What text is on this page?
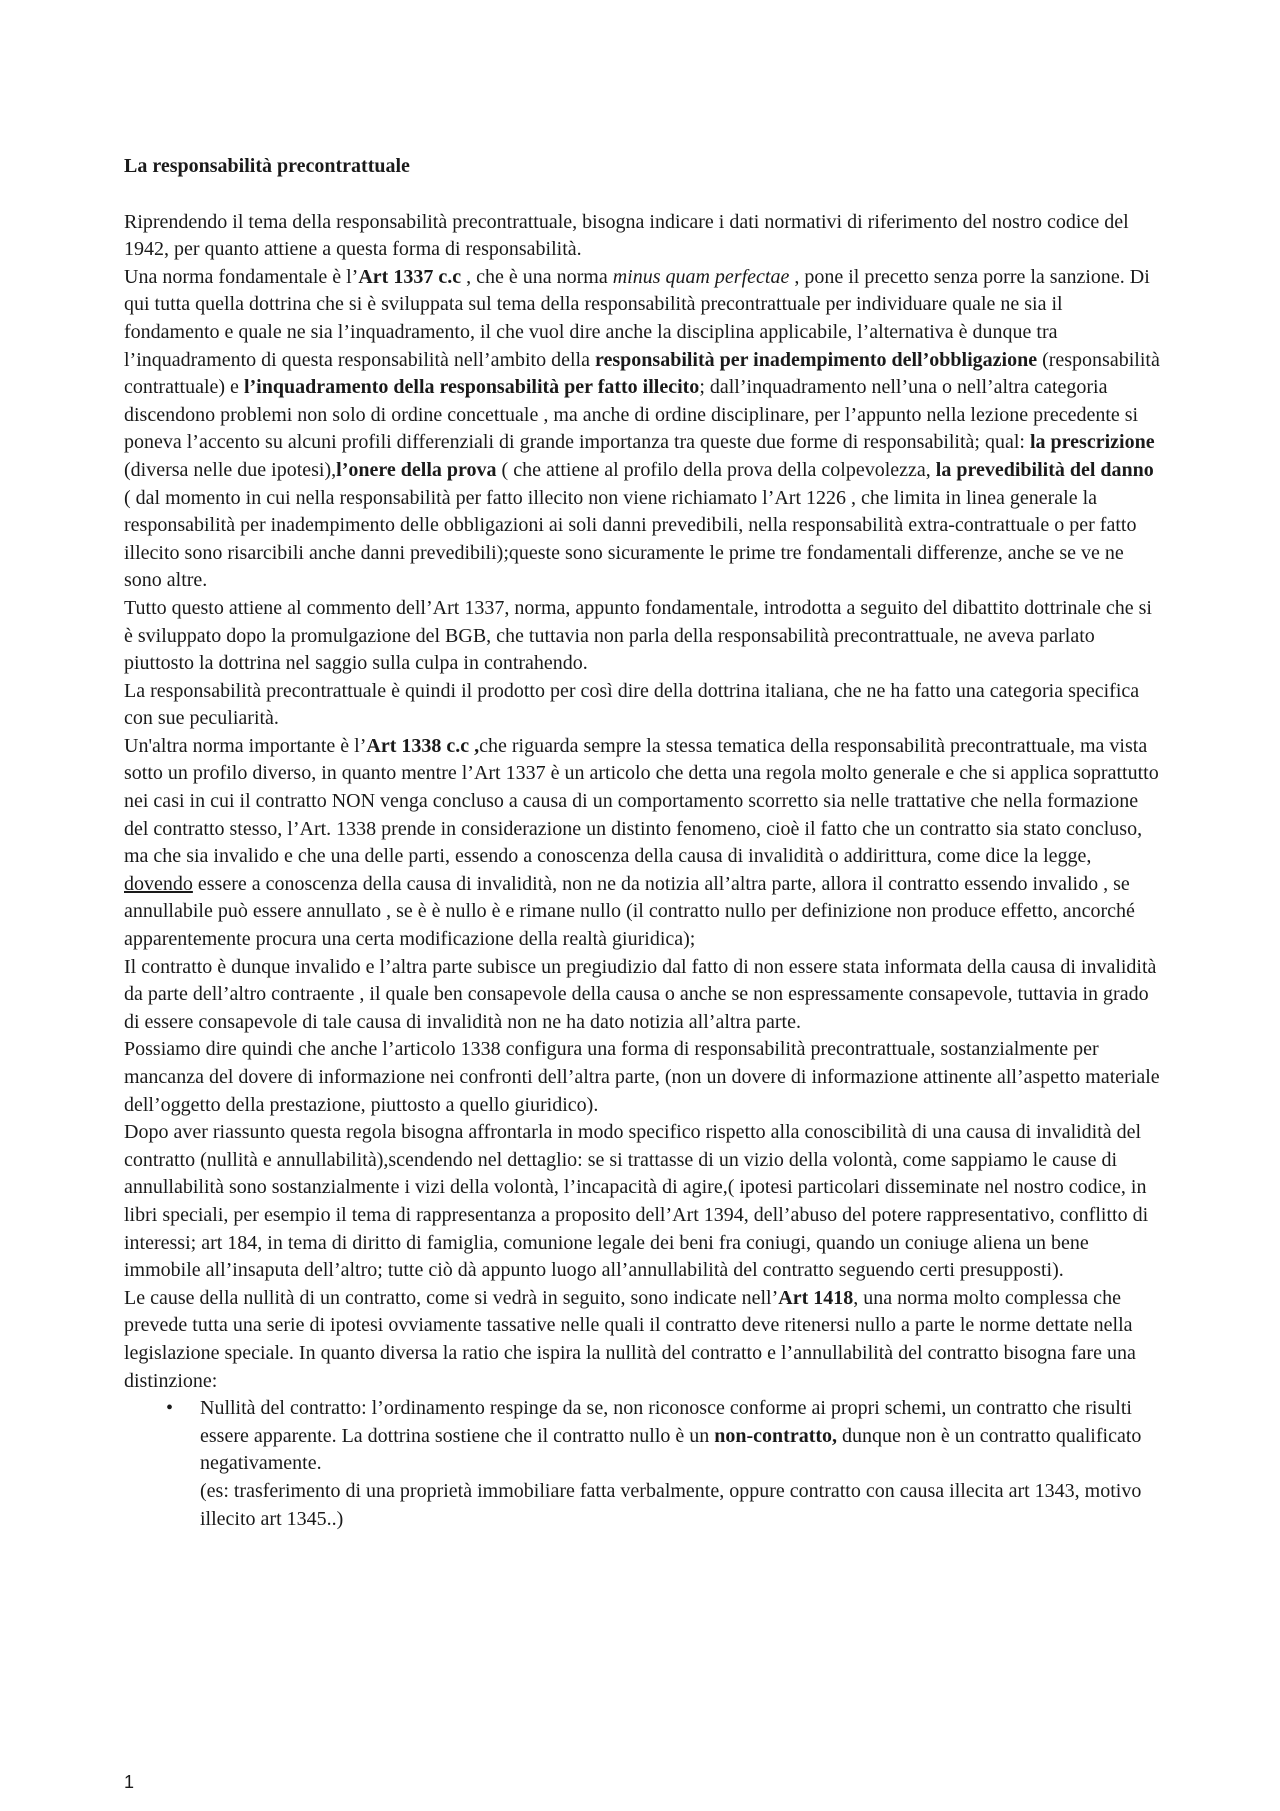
La responsabilità precontrattuale

Riprendendo il tema della responsabilità precontrattuale, bisogna indicare i dati normativi di riferimento del nostro codice del 1942, per quanto attiene a questa forma di responsabilità.

Una norma fondamentale è l’Art 1337 c.c , che è una norma minus quam perfectae , pone il precetto senza porre la sanzione. Di qui tutta quella dottrina che si è sviluppata sul tema della responsabilità precontrattuale per individuare quale ne sia il fondamento e quale ne sia l’inquadramento, il che vuol dire anche la disciplina applicabile, l’alternativa è dunque tra l’inquadramento di questa responsabilità nell’ambito della responsabilità per inadempimento dell’obbligazione (responsabilità contrattuale) e l’inquadramento della responsabilità per fatto illecito; dall’inquadramento nell’una o nell’altra categoria discendono problemi non solo di ordine concettuale , ma anche di ordine disciplinare, per l’appunto nella lezione precedente si poneva l’accento su alcuni profili differenziali di grande importanza tra queste due forme di responsabilità; qual: la prescrizione (diversa nelle due ipotesi),l’onere della prova ( che attiene al profilo della prova della colpevolezza, la prevedibilità del danno ( dal momento in cui nella responsabilità per fatto illecito non viene richiamato l’Art 1226 , che limita in linea generale la responsabilità per inadempimento delle obbligazioni ai soli danni prevedibili, nella responsabilità extra-contrattuale o per fatto illecito sono risarcibili anche danni prevedibili);queste sono sicuramente le prime tre fondamentali differenze, anche se ve ne sono altre.

Tutto questo attiene al commento dell’Art 1337, norma, appunto fondamentale, introdotta a seguito del dibattito dottrinale che si è sviluppato dopo la promulgazione del BGB, che tuttavia non parla della responsabilità precontrattuale, ne aveva parlato piuttosto la dottrina nel saggio sulla culpa in contrahendo.

La responsabilità precontrattuale è quindi il prodotto per così dire della dottrina italiana, che ne ha fatto una categoria specifica con sue peculiarità.

Un'altra norma importante è l’Art 1338 c.c ,che riguarda sempre la stessa tematica della responsabilità precontrattuale, ma vista sotto un profilo diverso, in quanto mentre l’Art 1337 è un articolo che detta una regola molto generale e che si applica soprattutto nei casi in cui il contratto NON venga concluso a causa di un comportamento scorretto sia nelle trattative che nella formazione del contratto stesso, l’Art. 1338 prende in considerazione un distinto fenomeno, cioè il fatto che un contratto sia stato concluso, ma che sia invalido e che una delle parti, essendo a conoscenza della causa di invalidità o addirittura, come dice la legge, dovendo essere a conoscenza della causa di invalidità, non ne da notizia all’altra parte, allora il contratto essendo invalido , se annullabile può essere annullato , se è è nullo è e rimane nullo (il contratto nullo per definizione non produce effetto, ancorché apparentemente procura una certa modificazione della realtà giuridica);

Il contratto è dunque invalido e l’altra parte subisce un pregiudizio dal fatto di non essere stata informata della causa di invalidità da parte dell’altro contraente , il quale ben consapevole della causa o anche se non espressamente consapevole, tuttavia in grado di essere consapevole di tale causa di invalidità non ne ha dato notizia all’altra parte.

Possiamo dire quindi che anche l’articolo 1338 configura una forma di responsabilità precontrattuale, sostanzialmente per mancanza del dovere di informazione nei confronti dell’altra parte, (non un dovere di informazione attinente all’aspetto materiale dell’oggetto della prestazione, piuttosto a quello giuridico).

Dopo aver riassunto questa regola bisogna affrontarla in modo specifico rispetto alla conoscibilità di una causa di invalidità del contratto (nullità e annullabilità),scendendo nel dettaglio: se si trattasse di un vizio della volontà, come sappiamo le cause di annullabilità sono sostanzialmente i vizi della volontà, l’incapacità di agire,( ipotesi particolari disseminate nel nostro codice, in libri speciali, per esempio il tema di rappresentanza a proposito dell’Art 1394, dell’abuso del potere rappresentativo, conflitto di interessi; art 184, in tema di diritto di famiglia, comunione legale dei beni fra coniugi, quando un coniuge aliena un bene immobile all’insaputa dell’altro; tutte ciò dà appunto luogo all’annullabilità del contratto seguendo certi presupposti).

Le cause della nullità di un contratto, come si vedrà in seguito, sono indicate nell’Art 1418, una norma molto complessa che prevede tutta una serie di ipotesi ovviamente tassative nelle quali il contratto deve ritenersi nullo a parte le norme dettate nella legislazione speciale. In quanto diversa la ratio che ispira la nullità del contratto e l’annullabilità del contratto bisogna fare una distinzione:

• Nullità del contratto: l’ordinamento respinge da se, non riconosce conforme ai propri schemi, un contratto che risulti essere apparente. La dottrina sostiene che il contratto nullo è un non-contratto, dunque non è un contratto qualificato negativamente.
(es: trasferimento di una proprietà immobiliare fatta verbalmente, oppure contratto con causa illecita art 1343, motivo illecito art 1345..)
1
